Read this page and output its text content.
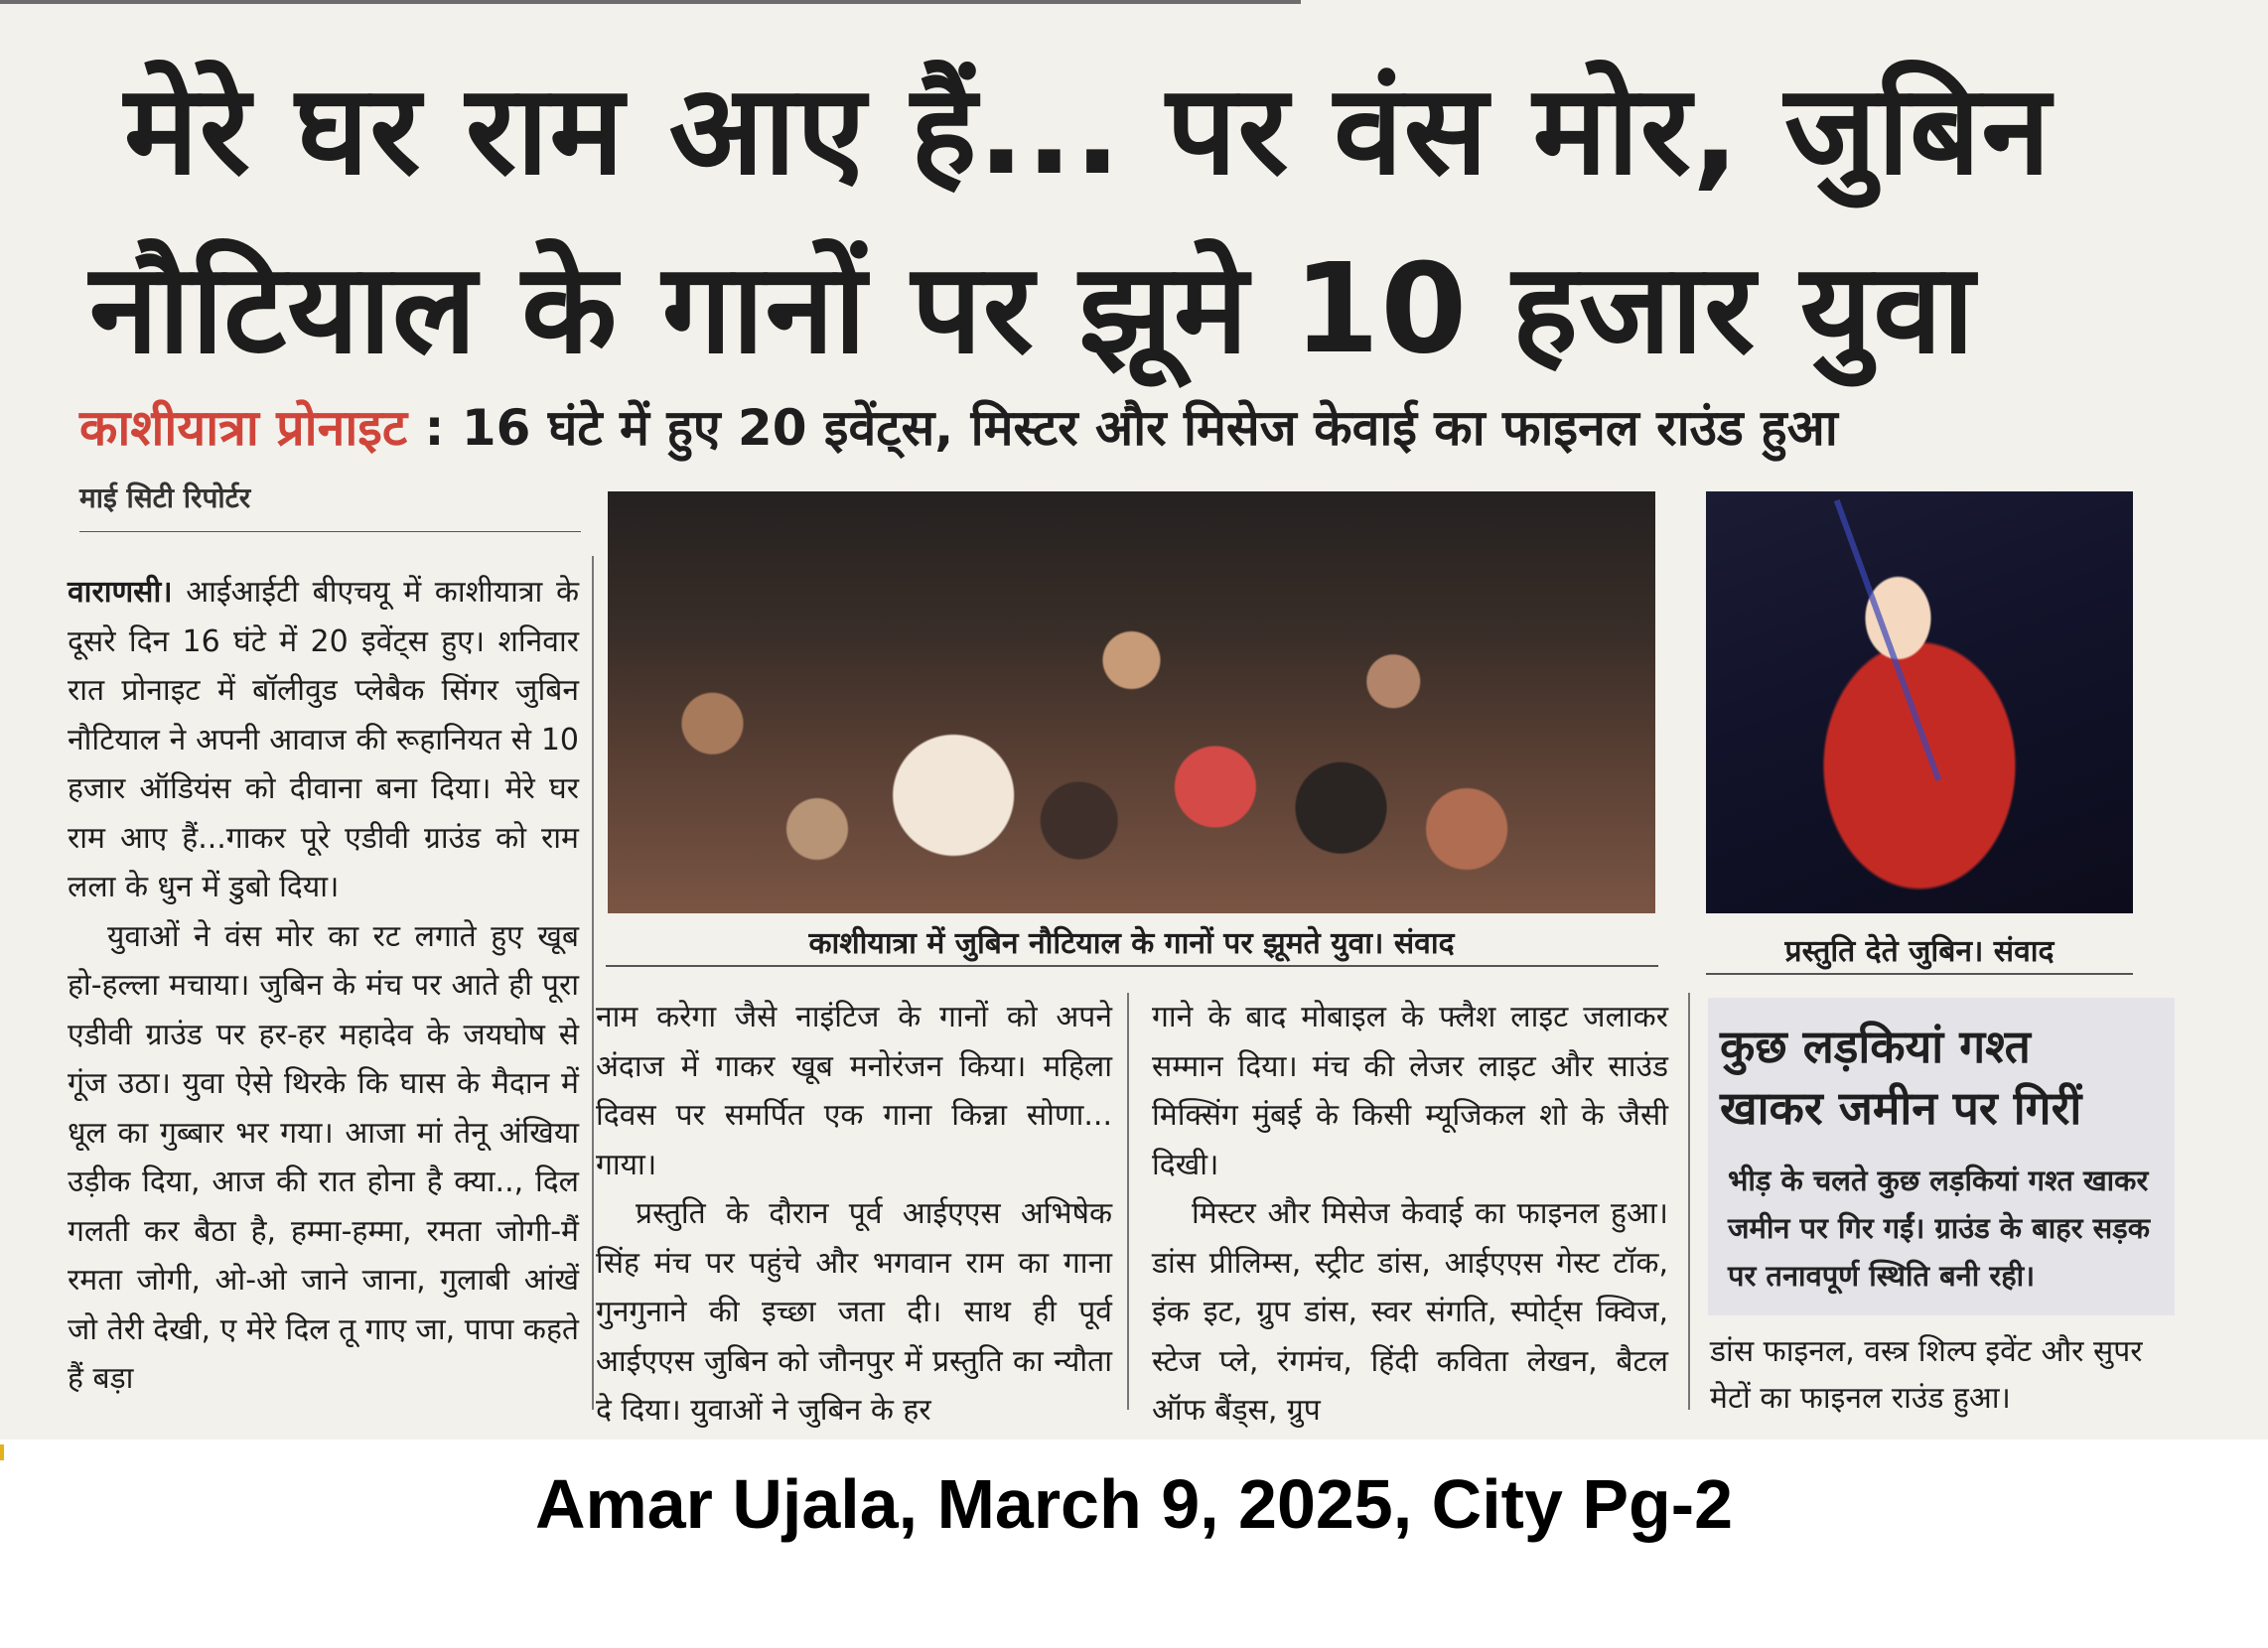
मेरे घर राम आए हैं... पर वंस मोर, जुबिन
नौटियाल के गानों पर झूमे 10 हजार युवा
काशीयात्रा प्रोनाइट : 16 घंटे में हुए 20 इवेंट्स, मिस्टर और मिसेज केवाई का फाइनल राउंड हुआ
माई सिटी रिपोर्टर

वाराणसी। आईआईटी बीएचयू में काशीयात्रा के दूसरे दिन 16 घंटे में 20 इवेंट्स हुए। शनिवार रात प्रोनाइट में बॉलीवुड प्लेबैक सिंगर जुबिन नौटियाल ने अपनी आवाज की रूहानियत से 10 हजार ऑडियंस को दीवाना बना दिया। मेरे घर राम आए हैं...गाकर पूरे एडीवी ग्राउंड को राम लला के धुन में डुबो दिया।

युवाओं ने वंस मोर का रट लगाते हुए खूब हो-हल्ला मचाया। जुबिन के मंच पर आते ही पूरा एडीवी ग्राउंड पर हर-हर महादेव के जयघोष से गूंज उठा। युवा ऐसे थिरके कि घास के मैदान में धूल का गुब्बार भर गया। आजा मां तेनू अंखिया उड़ीक दिया, आज की रात होना है क्या.., दिल गलती कर बैठा है, हम्मा-हम्मा, रमता जोगी-मैं रमता जोगी, ओ-ओ जाने जाना, गुलाबी आंखें जो तेरी देखी, ए मेरे दिल तू गाए जा, पापा कहते हैं बड़ा

काशीयात्रा में जुबिन नौटियाल के गानों पर झूमते युवा। संवाद	प्रस्तुति देते जुबिन। संवाद

नाम करेगा जैसे नाइंटिज के गानों को अपने अंदाज में गाकर खूब मनोरंजन किया। महिला दिवस पर समर्पित एक गाना किन्ना सोणा... गाया।

प्रस्तुति के दौरान पूर्व आईएएस अभिषेक सिंह मंच पर पहुंचे और भगवान राम का गाना गुनगुनाने की इच्छा जता दी। साथ ही पूर्व आईएएस जुबिन को जौनपुर में प्रस्तुति का न्यौता दे दिया। युवाओं ने जुबिन के हर

गाने के बाद मोबाइल के फ्लैश लाइट जलाकर सम्मान दिया। मंच की लेजर लाइट और साउंड मिक्सिंग मुंबई के किसी म्यूजिकल शो के जैसी दिखी।

मिस्टर और मिसेज केवाई का फाइनल हुआ। डांस प्रीलिम्स, स्ट्रीट डांस, आईएएस गेस्ट टॉक, इंक इट, ग्रुप डांस, स्वर संगति, स्पोर्ट्स क्विज, स्टेज प्ले, रंगमंच, हिंदी कविता लेखन, बैटल ऑफ बैंड्स, ग्रुप

कुछ लड़कियां गश्त खाकर जमीन पर गिरीं
भीड़ के चलते कुछ लड़कियां गश्त खाकर जमीन पर गिर गईं। ग्राउंड के बाहर सड़क पर तनावपूर्ण स्थिति बनी रही।
डांस फाइनल, वस्त्र शिल्प इवेंट और सुपर मेटों का फाइनल राउंड हुआ।
Amar Ujala, March 9, 2025, City Pg-2
